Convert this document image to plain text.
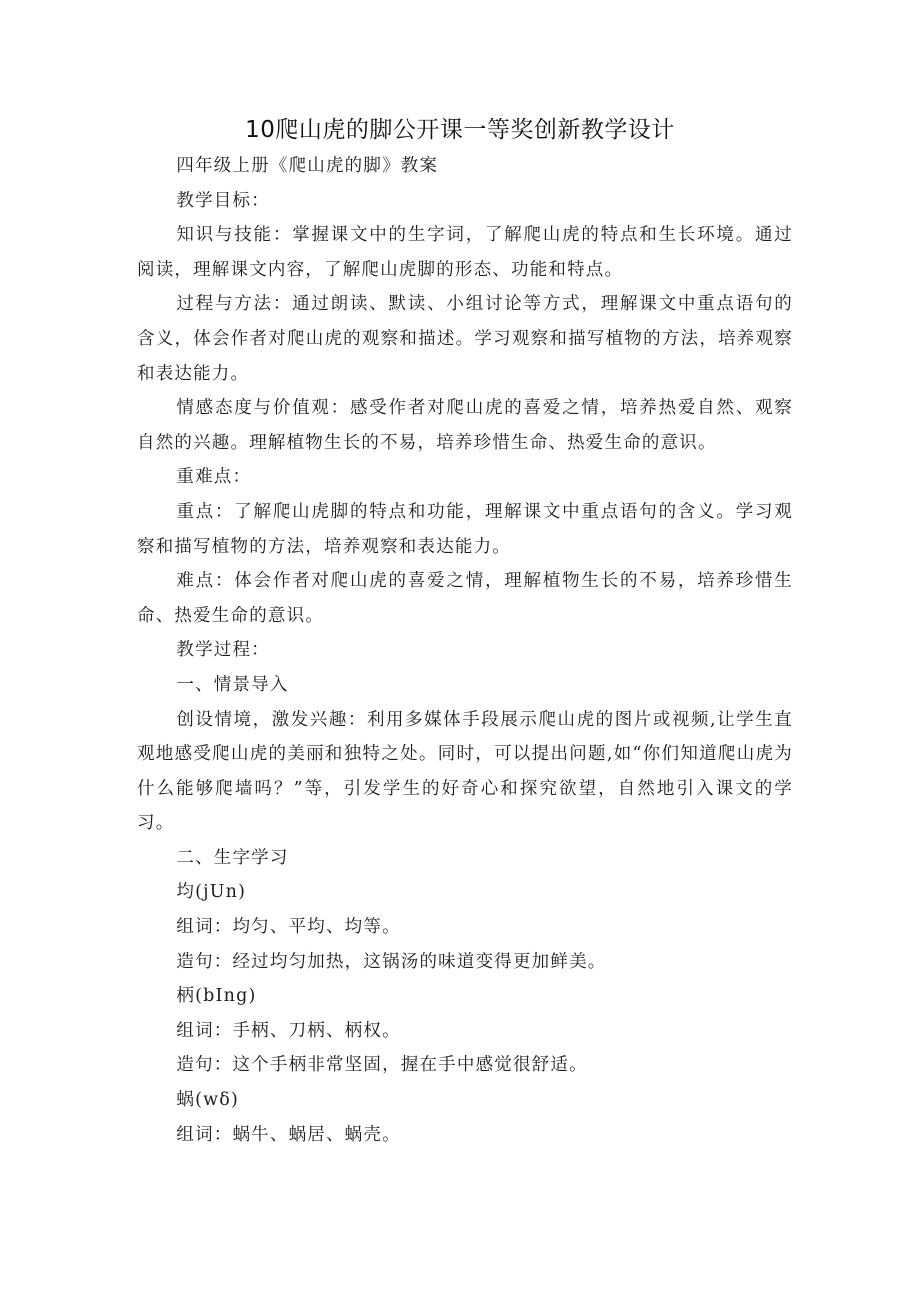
10爬山虎的脚公开课一等奖创新教学设计

四年级上册《爬山虎的脚》教案

教学目标：

知识与技能：掌握课文中的生字词，了解爬山虎的特点和生长环境。通过阅读，理解课文内容，了解爬山虎脚的形态、功能和特点。

过程与方法：通过朗读、默读、小组讨论等方式，理解课文中重点语句的含义，体会作者对爬山虎的观察和描述。学习观察和描写植物的方法，培养观察和表达能力。

情感态度与价值观：感受作者对爬山虎的喜爱之情，培养热爱自然、观察自然的兴趣。理解植物生长的不易，培养珍惜生命、热爱生命的意识。

重难点：

重点：了解爬山虎脚的特点和功能，理解课文中重点语句的含义。学习观察和描写植物的方法，培养观察和表达能力。

难点：体会作者对爬山虎的喜爱之情，理解植物生长的不易，培养珍惜生命、热爱生命的意识。

教学过程：

一、情景导入

创设情境，激发兴趣：利用多媒体手段展示爬山虎的图片或视频,让学生直观地感受爬山虎的美丽和独特之处。同时，可以提出问题,如“你们知道爬山虎为什么能够爬墙吗？”等，引发学生的好奇心和探究欲望，自然地引入课文的学习。

二、生字学习

均(jUn)

组词：均匀、平均、均等。

造句：经过均匀加热，这锅汤的味道变得更加鲜美。

柄(bIng)

组词：手柄、刀柄、柄权。

造句：这个手柄非常坚固，握在手中感觉很舒适。

蜗(wδ)

组词：蜗牛、蜗居、蜗壳。
